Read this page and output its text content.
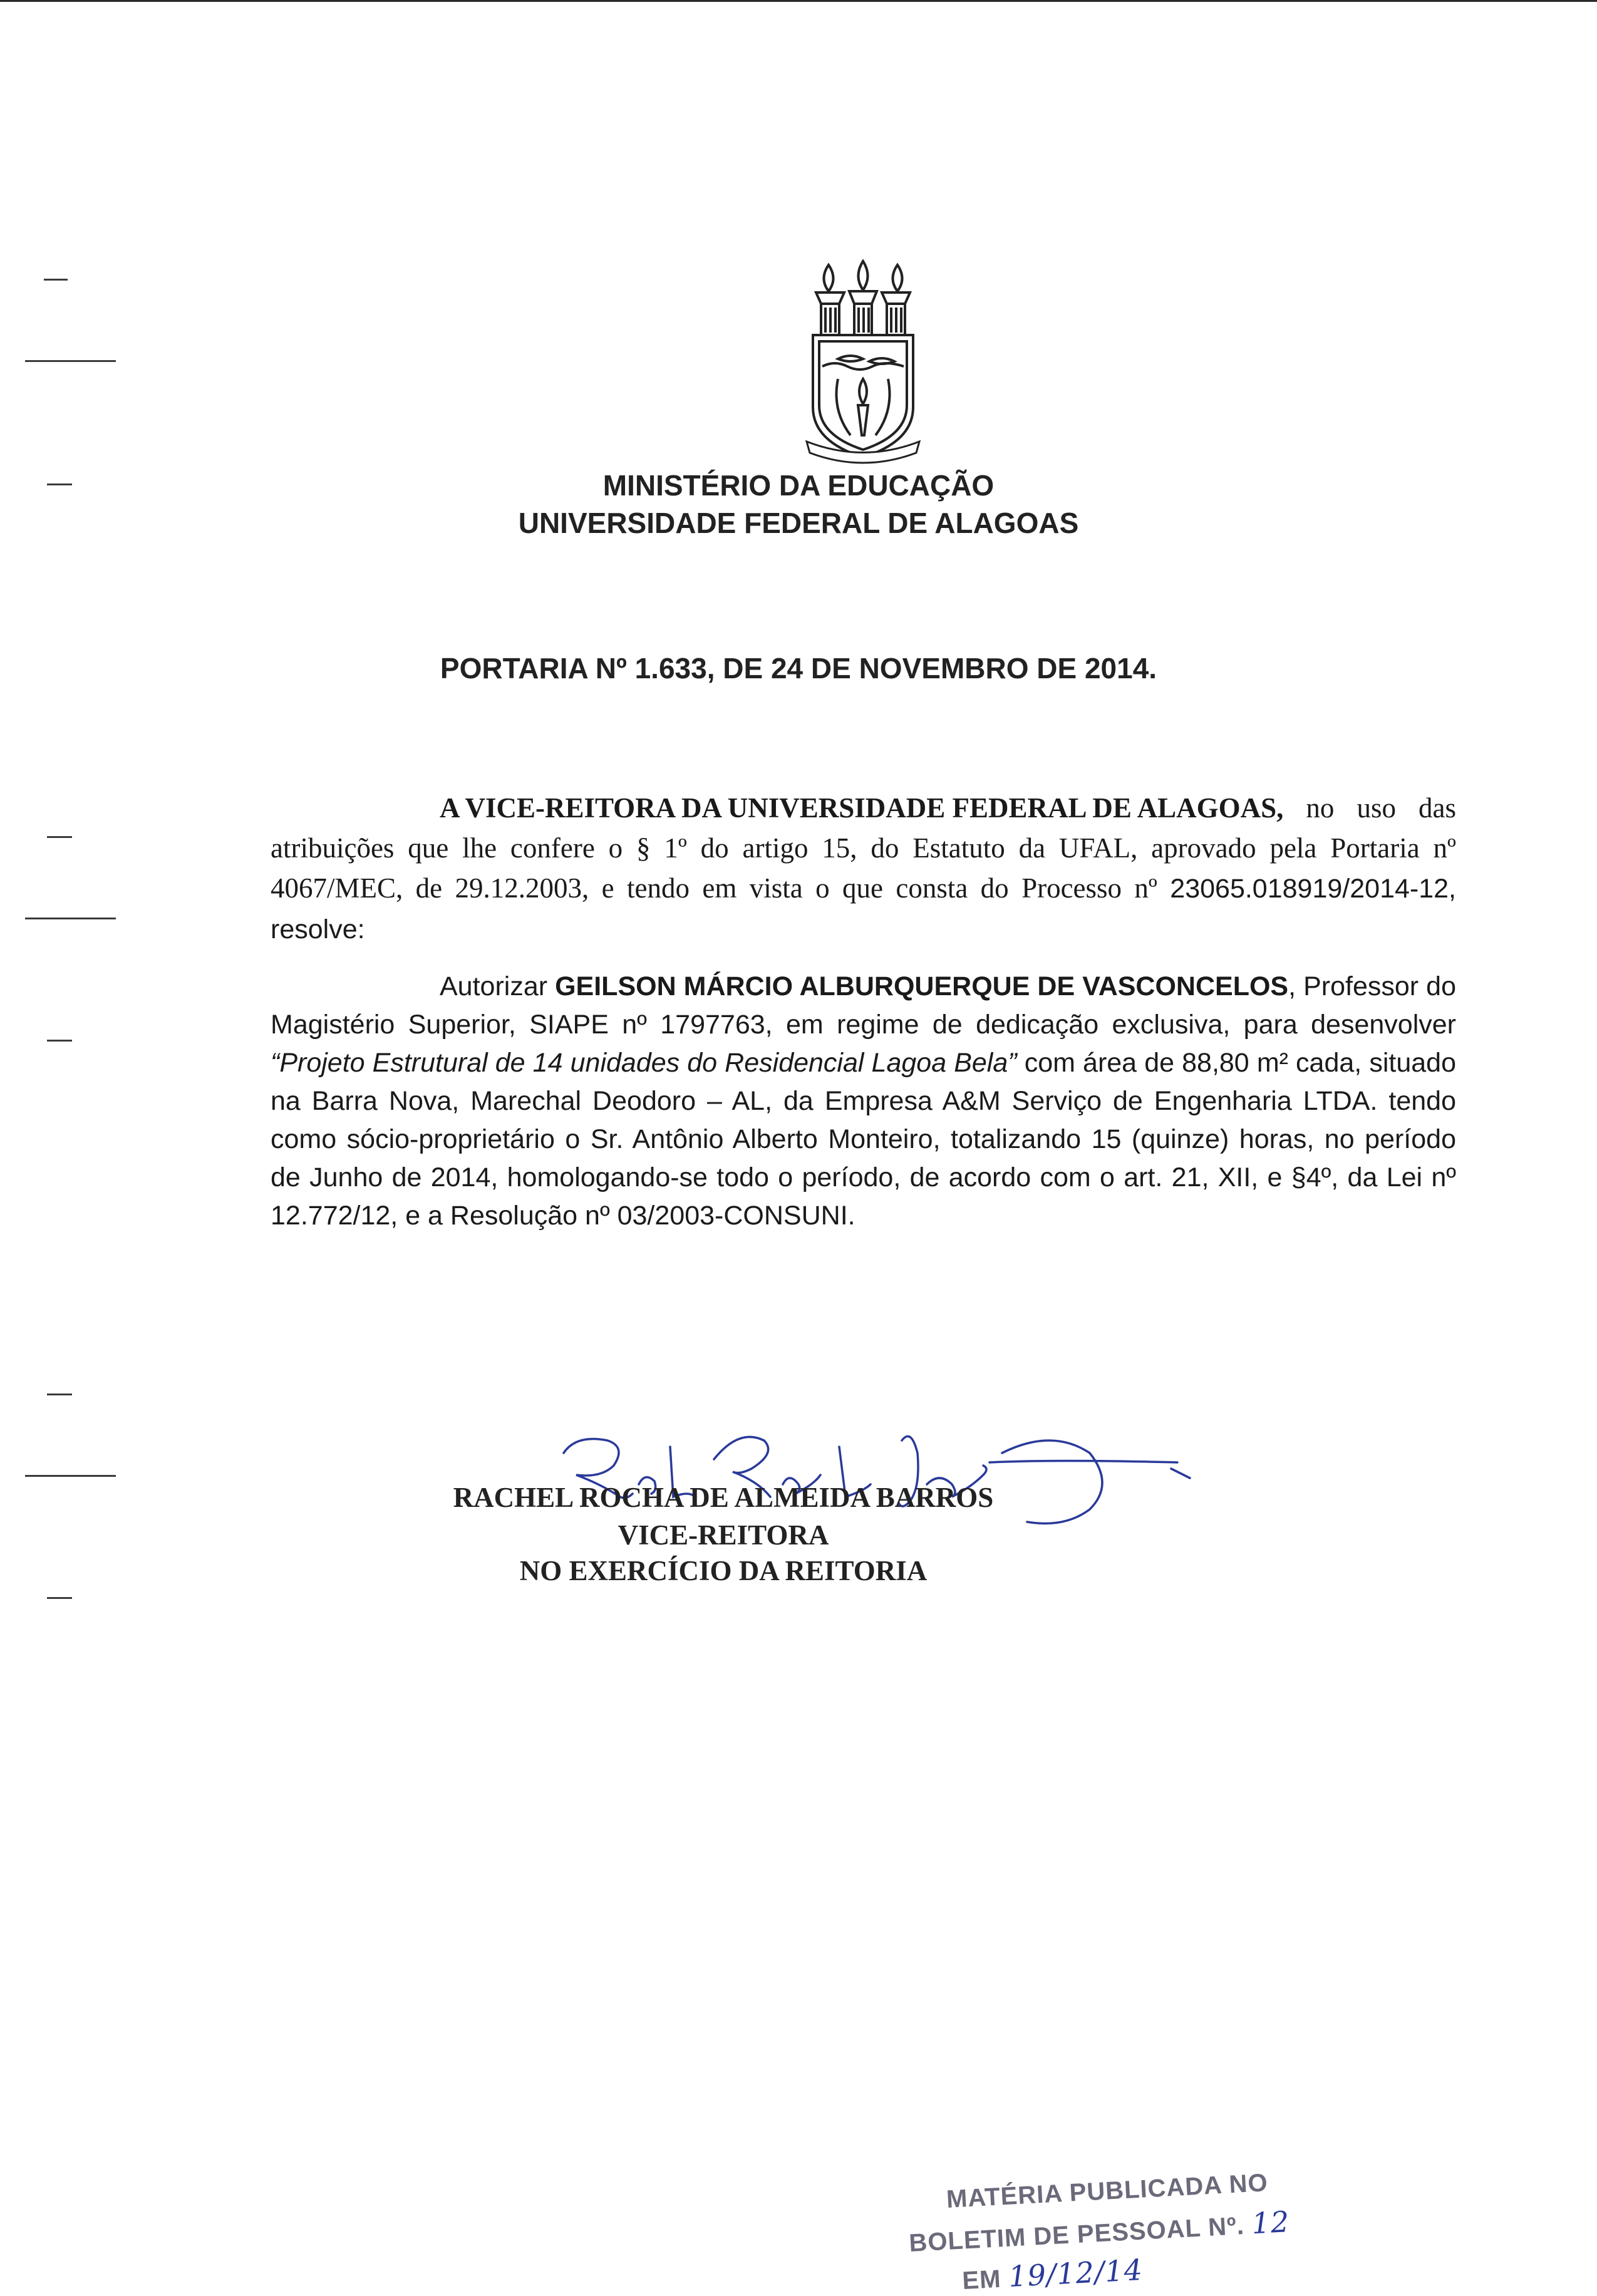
MINISTÉRIO DA EDUCAÇÃO
UNIVERSIDADE FEDERAL DE ALAGOAS
PORTARIA Nº 1.633, DE 24 DE NOVEMBRO DE 2014.
A VICE-REITORA DA UNIVERSIDADE FEDERAL DE ALAGOAS, no uso das atribuições que lhe confere o § 1º do artigo 15, do Estatuto da UFAL, aprovado pela Portaria nº 4067/MEC, de 29.12.2003, e tendo em vista o que consta do Processo nº 23065.018919/2014-12, resolve:
Autorizar GEILSON MÁRCIO ALBURQUERQUE DE VASCONCELOS, Professor do Magistério Superior, SIAPE nº 1797763, em regime de dedicação exclusiva, para desenvolver “Projeto Estrutural de 14 unidades do Residencial Lagoa Bela” com área de 88,80 m² cada, situado na Barra Nova, Marechal Deodoro – AL, da Empresa A&M Serviço de Engenharia LTDA. tendo como sócio-proprietário o Sr. Antônio Alberto Monteiro, totalizando 15 (quinze) horas, no período de Junho de 2014, homologando-se todo o período, de acordo com o art. 21, XII, e §4º, da Lei nº 12.772/12, e a Resolução nº 03/2003-CONSUNI.
RACHEL ROCHA DE ALMEIDA BARROS
VICE-REITORA
NO EXERCÍCIO DA REITORIA
MATÉRIA PUBLICADA NO
BOLETIM DE PESSOAL Nº. 12
EM 19/12/14
